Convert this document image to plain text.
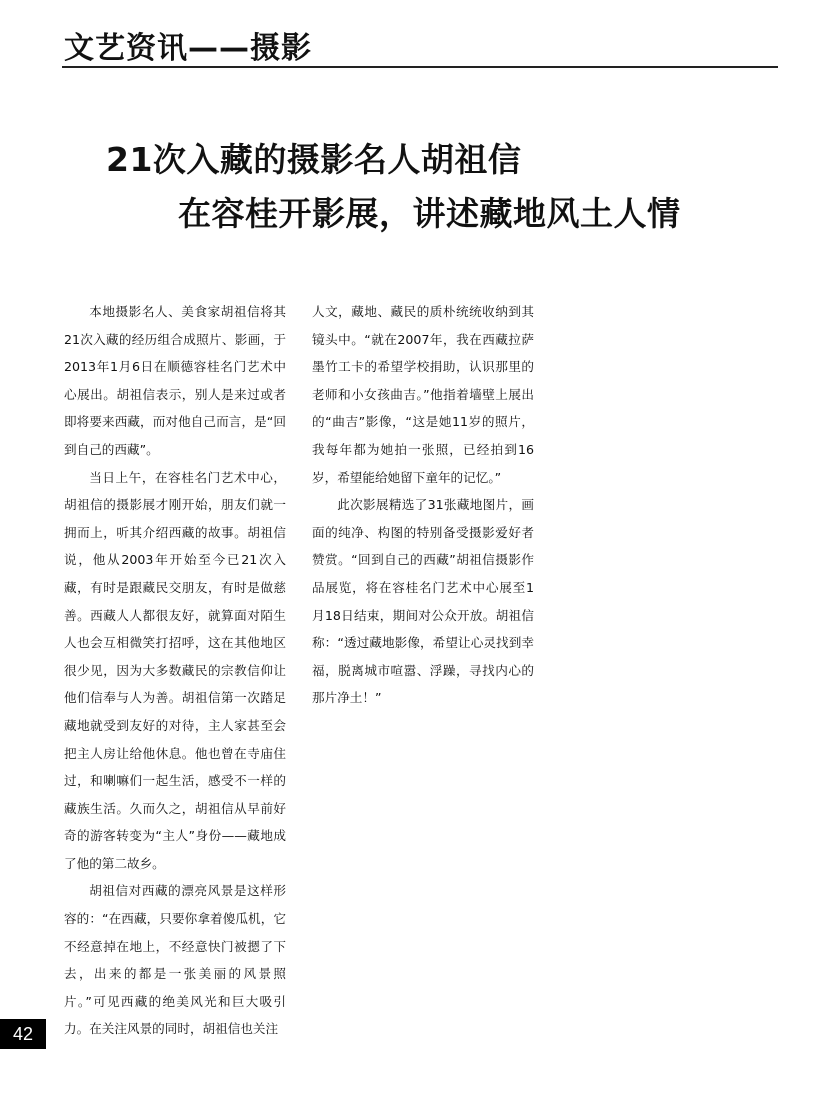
文艺资讯——摄影
21次入藏的摄影名人胡祖信
在容桂开影展，讲述藏地风土人情

本地摄影名人、美食家胡祖信将其21次入藏的经历组合成照片、影画，于2013年1月6日在顺德容桂名门艺术中心展出。胡祖信表示，别人是来过或者即将要来西藏，而对他自己而言，是“回到自己的西藏”。

当日上午，在容桂名门艺术中心，胡祖信的摄影展才刚开始，朋友们就一拥而上，听其介绍西藏的故事。胡祖信说，他从2003年开始至今已21次入藏，有时是跟藏民交朋友，有时是做慈善。西藏人人都很友好，就算面对陌生人也会互相微笑打招呼，这在其他地区很少见，因为大多数藏民的宗教信仰让他们信奉与人为善。胡祖信第一次踏足藏地就受到友好的对待，主人家甚至会把主人房让给他休息。他也曾在寺庙住过，和喇嘛们一起生活，感受不一样的藏族生活。久而久之，胡祖信从早前好奇的游客转变为“主人”身份——藏地成了他的第二故乡。

胡祖信对西藏的漂亮风景是这样形容的：“在西藏，只要你拿着傻瓜机，它不经意掉在地上，不经意快门被摁了下去，出来的都是一张美丽的风景照片。”可见西藏的绝美风光和巨大吸引力。在关注风景的同时，胡祖信也关注

人文，藏地、藏民的质朴统统收纳到其镜头中。“就在2007年，我在西藏拉萨墨竹工卡的希望学校捐助，认识那里的老师和小女孩曲吉。”他指着墙壁上展出的“曲吉”影像，“这是她11岁的照片，我每年都为她拍一张照，已经拍到16岁，希望能给她留下童年的记忆。”

此次影展精选了31张藏地图片，画面的纯净、构图的特别备受摄影爱好者赞赏。“回到自己的西藏”胡祖信摄影作品展览，将在容桂名门艺术中心展至1月18日结束，期间对公众开放。胡祖信称：“透过藏地影像，希望让心灵找到幸福，脱离城市喧嚣、浮躁，寻找内心的那片净土！”

42
